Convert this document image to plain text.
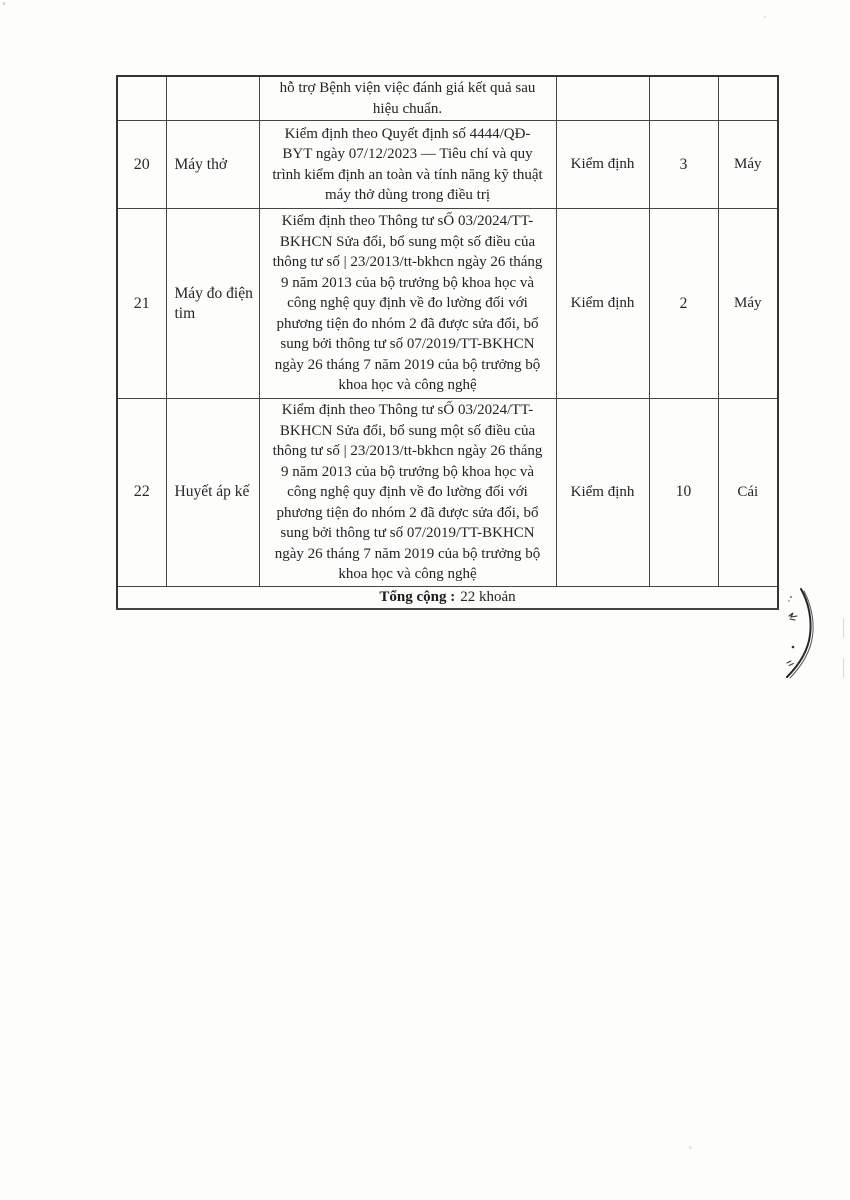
		hỗ trợ Bệnh viện việc đánh giá kết quả sau
hiệu chuẩn.			

20	Máy thở	Kiểm định theo Quyết định số 4444/QĐ-
BYT ngày 07/12/2023 — Tiêu chí và quy
trình kiểm định an toàn và tính năng kỹ thuật
máy thở dùng trong điều trị	Kiểm định	3	Máy
21	Máy đo điện tim	
Kiểm định theo Thông tư sỐ 03/2024/TT-
BKHCN Sửa đổi, bổ sung một số điều của
thông tư số | 23/2013/tt-bkhcn ngày 26 tháng
9 năm 2013 của bộ trưởng bộ khoa học và
công nghệ quy định về đo lường đối với
phương tiện đo nhóm 2 đã được sửa đổi, bổ
sung bởi thông tư số 07/2019/TT-BKHCN
ngày 26 tháng 7 năm 2019 của bộ trưởng bộ
khoa học và công nghệ
	Kiểm định	2	Máy
22	Huyết áp kế	
Kiểm định theo Thông tư sỐ 03/2024/TT-
BKHCN Sửa đổi, bổ sung một số điều của
thông tư số | 23/2013/tt-bkhcn ngày 26 tháng
9 năm 2013 của bộ trưởng bộ khoa học và
công nghệ quy định về đo lường đối với
phương tiện đo nhóm 2 đã được sửa đổi, bổ
sung bởi thông tư số 07/2019/TT-BKHCN
ngày 26 tháng 7 năm 2019 của bộ trưởng bộ
khoa học và công nghệ
	Kiểm định	10	Cái
Tổng cộng : 22 khoản					
